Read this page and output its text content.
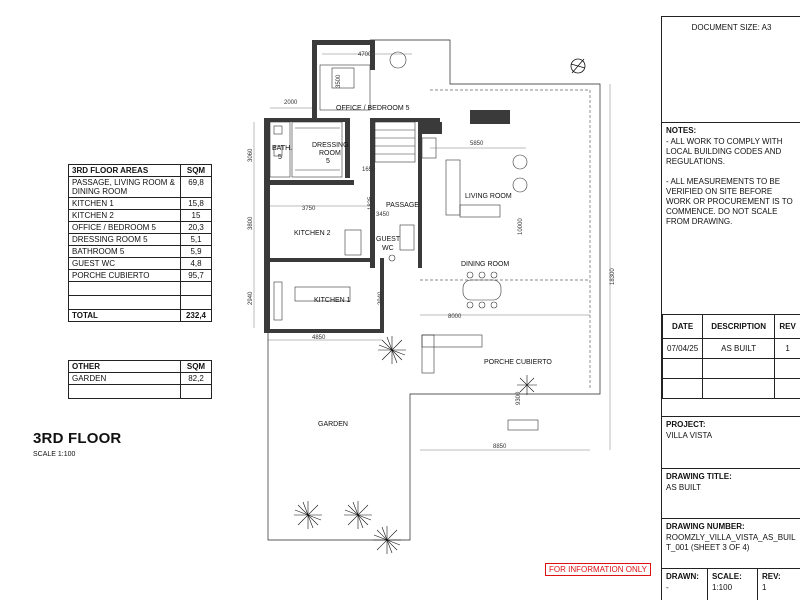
3RD FLOOR AREAS	SQM
PASSAGE, LIVING ROOM & DINING ROOM	69,8
KITCHEN 1	15,8
KITCHEN 2	15
OFFICE / BEDROOM 5	20,3
DRESSING ROOM 5	5,1
BATHROOM 5	5,9
GUEST WC	4,8
PORCHE CUBIERTO	95,7

TOTAL	232,4
OTHER	SQM
GARDEN	82,2

3RD FLOOR
SCALE 1:100
OFFICE / BEDROOM 5
BATH.
5
DRESSING
ROOM
5
PASSAGE
LIVING ROOM
KITCHEN 2
GUEST
WC
DINING ROOM
KITCHEN 1
PORCHE CUBIERTO
GARDEN
4700
3500
2000
3060
5850
1650
1825
3750
3450
3800	10000
18300
2940	2940
8000
4850
9300
8850
DOCUMENT SIZE: A3
NOTES:
- ALL WORK TO COMPLY WITH LOCAL BUILDING CODES AND REGULATIONS.
- ALL MEASUREMENTS TO BE VERIFIED ON SITE BEFORE WORK OR PROCUREMENT IS TO COMMENCE. DO NOT SCALE FROM DRAWING.
DATE	DESCRIPTION	REV
07/04/25	AS BUILT	1

PROJECT:
VILLA VISTA
DRAWING TITLE:
AS BUILT
DRAWING NUMBER:
ROOMZLY_VILLA_VISTA_AS_BUILT_001 (SHEET 3 OF 4)
DRAWN:
-
SCALE:
1:100
REV:
1
FOR INFORMATION ONLY
